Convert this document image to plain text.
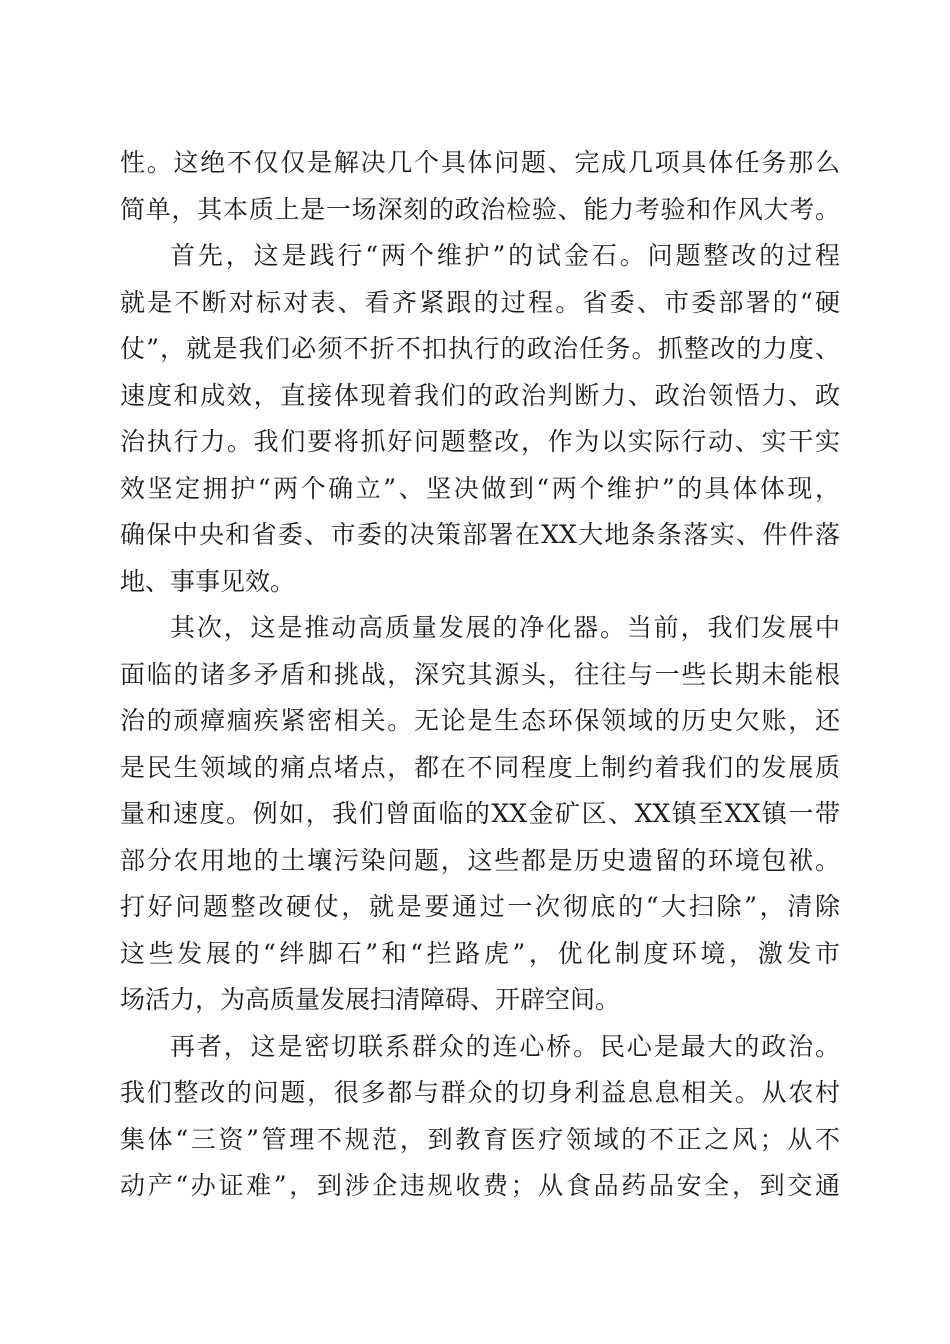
性。这绝不仅仅是解决几个具体问题、完成几项具体任务那么
简单，其本质上是一场深刻的政治检验、能力考验和作风大考。
首先，这是践行“两个维护”的试金石。问题整改的过程
就是不断对标对表、看齐紧跟的过程。省委、市委部署的“硬
仗”，就是我们必须不折不扣执行的政治任务。抓整改的力度、
速度和成效，直接体现着我们的政治判断力、政治领悟力、政
治执行力。我们要将抓好问题整改，作为以实际行动、实干实
效坚定拥护“两个确立”、坚决做到“两个维护”的具体体现，
确保中央和省委、市委的决策部署在XX大地条条落实、件件落
地、事事见效。
其次，这是推动高质量发展的净化器。当前，我们发展中
面临的诸多矛盾和挑战，深究其源头，往往与一些长期未能根
治的顽瘴痼疾紧密相关。无论是生态环保领域的历史欠账，还
是民生领域的痛点堵点，都在不同程度上制约着我们的发展质
量和速度。例如，我们曾面临的XX金矿区、XX镇至XX镇一带
部分农用地的土壤污染问题，这些都是历史遗留的环境包袱。
打好问题整改硬仗，就是要通过一次彻底的“大扫除”，清除
这些发展的“绊脚石”和“拦路虎”，优化制度环境，激发市
场活力，为高质量发展扫清障碍、开辟空间。
再者，这是密切联系群众的连心桥。民心是最大的政治。
我们整改的问题，很多都与群众的切身利益息息相关。从农村
集体“三资”管理不规范，到教育医疗领域的不正之风；从不
动产“办证难”，到涉企违规收费；从食品药品安全，到交通
